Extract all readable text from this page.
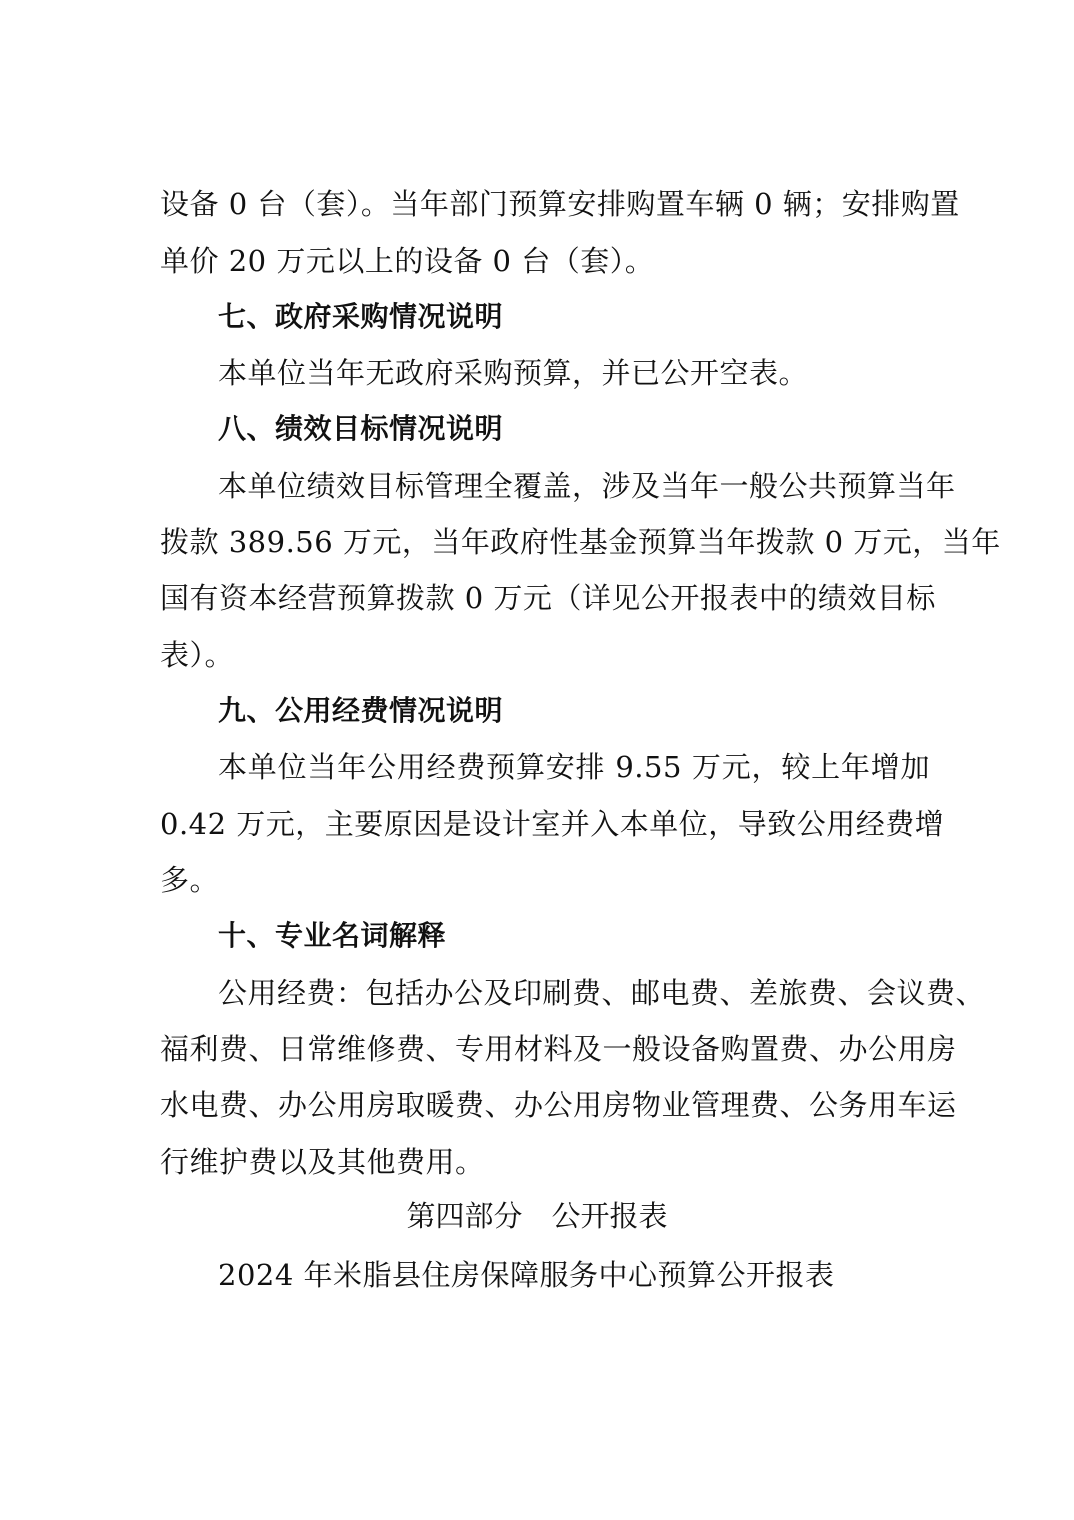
设备 0 台（套）。当年部门预算安排购置车辆 0 辆；安排购置
单价 20 万元以上的设备 0 台（套）。
七、政府采购情况说明
本单位当年无政府采购预算，并已公开空表。
八、绩效目标情况说明
本单位绩效目标管理全覆盖，涉及当年一般公共预算当年
拨款 389.56 万元，当年政府性基金预算当年拨款 0 万元，当年
国有资本经营预算拨款 0 万元（详见公开报表中的绩效目标
表）。
九、公用经费情况说明
本单位当年公用经费预算安排 9.55 万元，较上年增加
0.42 万元，主要原因是设计室并入本单位，导致公用经费增
多。
十、专业名词解释
公用经费：包括办公及印刷费、邮电费、差旅费、会议费、
福利费、日常维修费、专用材料及一般设备购置费、办公用房
水电费、办公用房取暖费、办公用房物业管理费、公务用车运
行维护费以及其他费用。
第四部分　公开报表
2024 年米脂县住房保障服务中心预算公开报表
